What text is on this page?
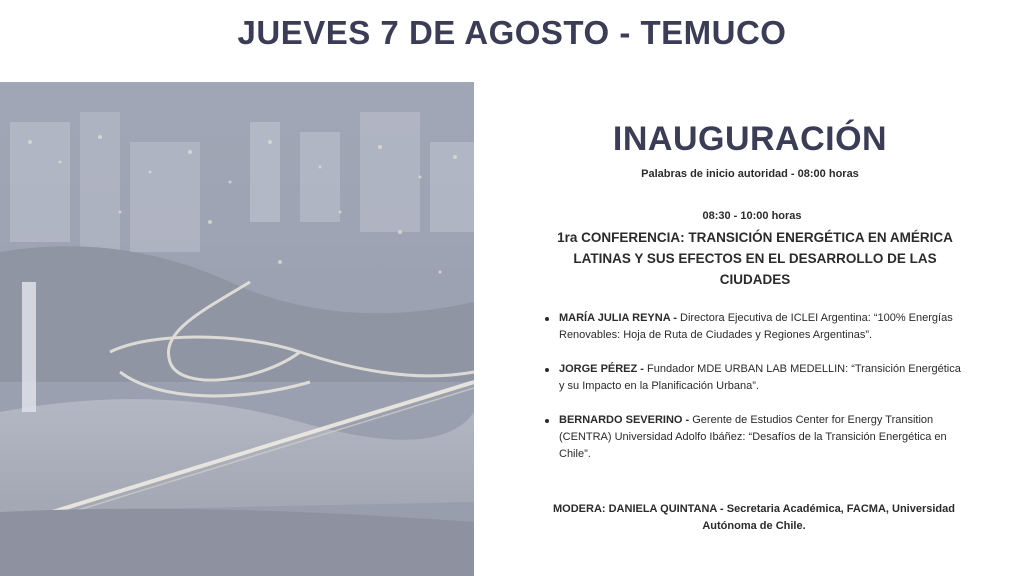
JUEVES 7 DE AGOSTO - TEMUCO
INAUGURACIÓN
Palabras de inicio autoridad - 08:00 horas
08:30 - 10:00 horas
1ra CONFERENCIA: TRANSICIÓN ENERGÉTICA EN AMÉRICA LATINAS Y SUS EFECTOS EN EL DESARROLLO DE LAS CIUDADES
MARÍA JULIA REYNA - Directora Ejecutiva de ICLEI Argentina: “100% Energías Renovables: Hoja de Ruta de Ciudades y Regiones Argentinas”.
JORGE PÉREZ - Fundador MDE URBAN LAB MEDELLIN: “Transición Energética y su Impacto en la Planificación Urbana”.
BERNARDO SEVERINO - Gerente de Estudios Center for Energy Transition (CENTRA) Universidad Adolfo Ibáñez: “Desafíos de la Transición Energética en Chile”.
MODERA: DANIELA QUINTANA - Secretaria Académica, FACMA, Universidad Autónoma de Chile.
